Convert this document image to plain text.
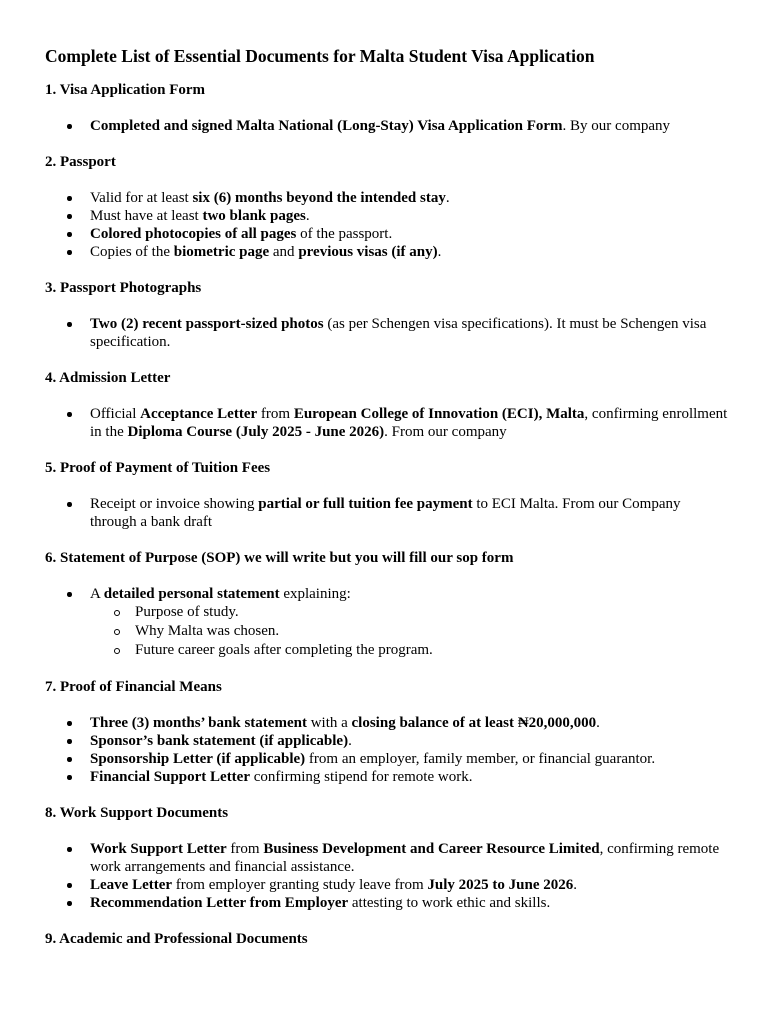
Complete List of Essential Documents for Malta Student Visa Application
1. Visa Application Form
Completed and signed Malta National (Long-Stay) Visa Application Form. By our company
2. Passport
Valid for at least six (6) months beyond the intended stay.
Must have at least two blank pages.
Colored photocopies of all pages of the passport.
Copies of the biometric page and previous visas (if any).
3. Passport Photographs
Two (2) recent passport-sized photos (as per Schengen visa specifications). It must be Schengen visa specification.
4. Admission Letter
Official Acceptance Letter from European College of Innovation (ECI), Malta, confirming enrollment in the Diploma Course (July 2025 - June 2026). From our company
5. Proof of Payment of Tuition Fees
Receipt or invoice showing partial or full tuition fee payment to ECI Malta. From our Company through a bank draft
6. Statement of Purpose (SOP) we will write but you will fill our sop form
A detailed personal statement explaining:
Purpose of study.
Why Malta was chosen.
Future career goals after completing the program.
7. Proof of Financial Means
Three (3) months’ bank statement with a closing balance of at least ₦20,000,000.
Sponsor’s bank statement (if applicable).
Sponsorship Letter (if applicable) from an employer, family member, or financial guarantor.
Financial Support Letter confirming stipend for remote work.
8. Work Support Documents
Work Support Letter from Business Development and Career Resource Limited, confirming remote work arrangements and financial assistance.
Leave Letter from employer granting study leave from July 2025 to June 2026.
Recommendation Letter from Employer attesting to work ethic and skills.
9. Academic and Professional Documents
